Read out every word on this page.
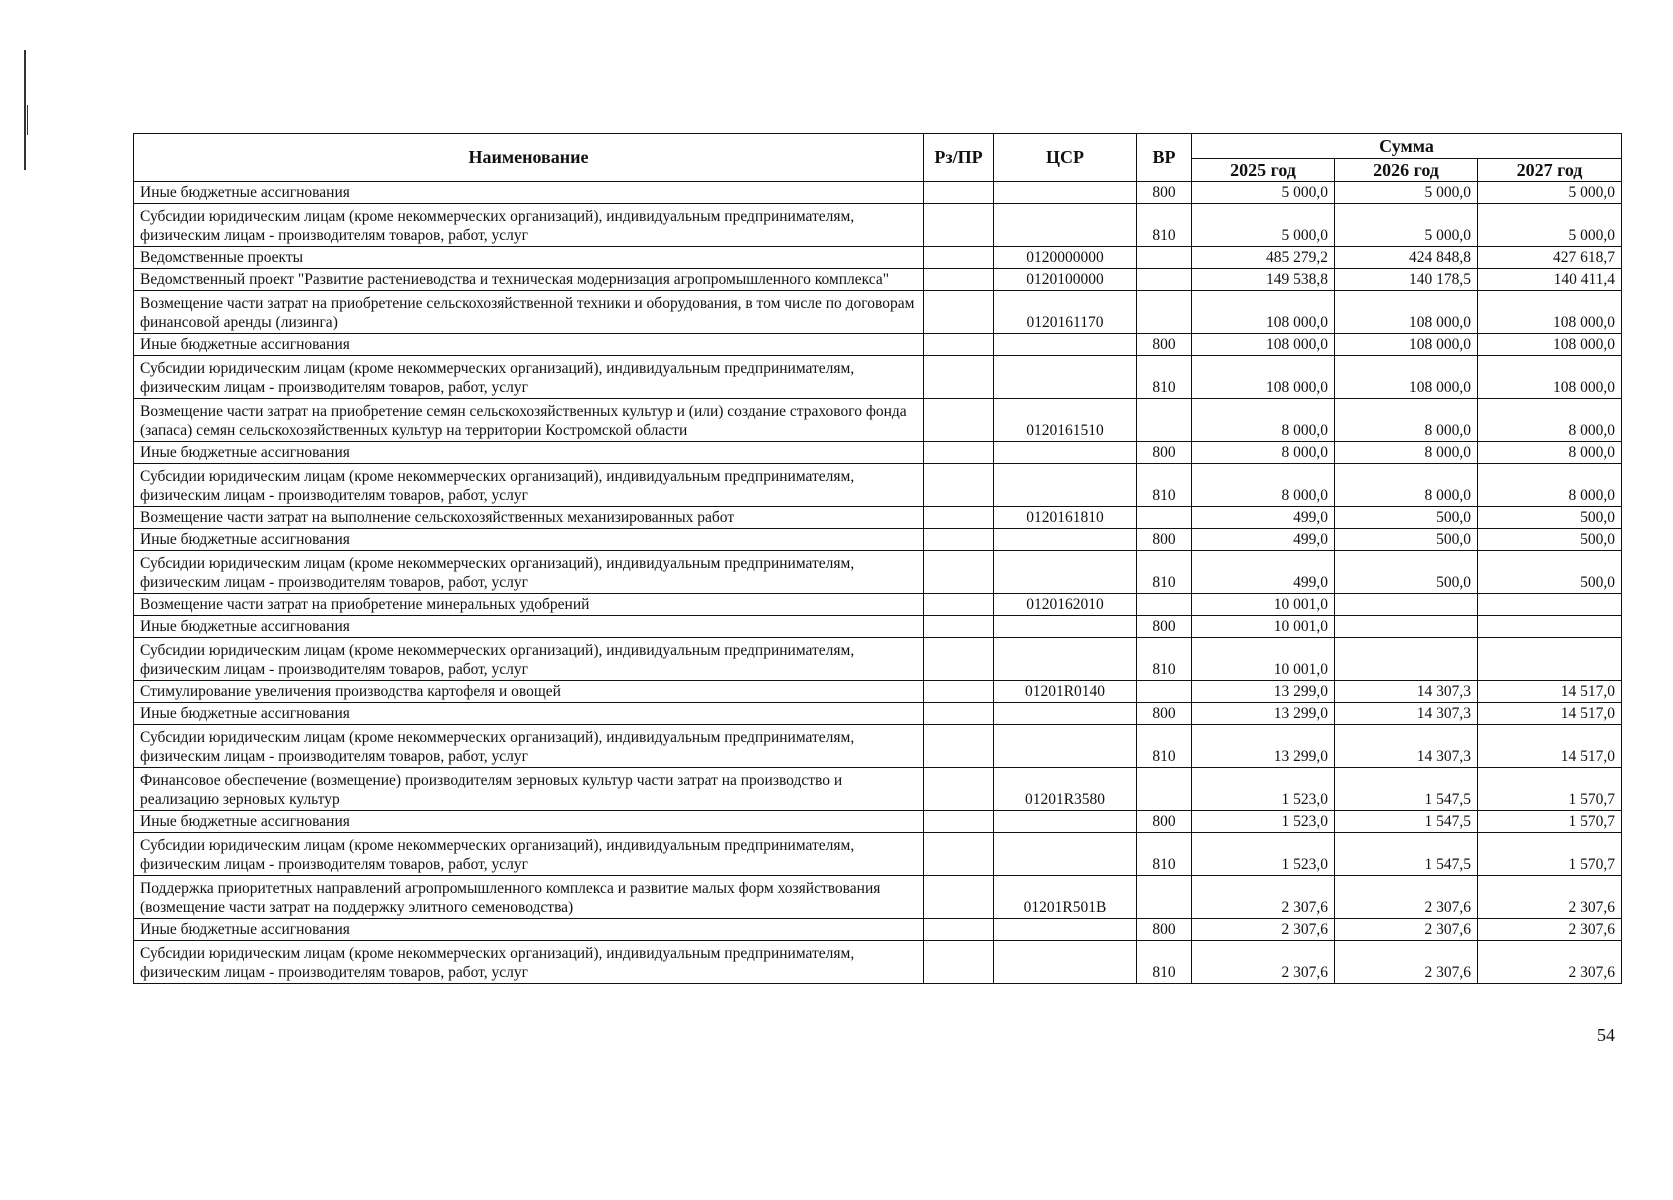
Наименование	Рз/ПР	ЦСР	ВР	Сумма		
				2025 год	2026 год	2027 год
Иные бюджетные ассигнования			800	5 000,0	5 000,0	5 000,0
Субсидии юридическим лицам (кроме некоммерческих организаций), индивидуальным предпринимателям, физическим лицам - производителям товаров, работ, услуг			810	5 000,0	5 000,0	5 000,0
Ведомственные проекты		0120000000		485 279,2	424 848,8	427 618,7
Ведомственный проект "Развитие растениеводства и техническая модернизация агропромышленного комплекса"		0120100000		149 538,8	140 178,5	140 411,4
Возмещение части затрат на приобретение сельскохозяйственной техники и оборудования, в том числе по договорам финансовой аренды (лизинга)		0120161170		108 000,0	108 000,0	108 000,0
Иные бюджетные ассигнования			800	108 000,0	108 000,0	108 000,0
Субсидии юридическим лицам (кроме некоммерческих организаций), индивидуальным предпринимателям, физическим лицам - производителям товаров, работ, услуг			810	108 000,0	108 000,0	108 000,0
Возмещение части затрат на приобретение семян сельскохозяйственных культур и (или) создание страхового фонда (запаса) семян сельскохозяйственных культур на территории Костромской области		0120161510		8 000,0	8 000,0	8 000,0
Иные бюджетные ассигнования			800	8 000,0	8 000,0	8 000,0
Субсидии юридическим лицам (кроме некоммерческих организаций), индивидуальным предпринимателям, физическим лицам - производителям товаров, работ, услуг			810	8 000,0	8 000,0	8 000,0
Возмещение части затрат на выполнение сельскохозяйственных механизированных работ		0120161810		499,0	500,0	500,0
Иные бюджетные ассигнования			800	499,0	500,0	500,0
Субсидии юридическим лицам (кроме некоммерческих организаций), индивидуальным предпринимателям, физическим лицам - производителям товаров, работ, услуг			810	499,0	500,0	500,0
Возмещение части затрат на приобретение минеральных удобрений		0120162010		10 001,0		
Иные бюджетные ассигнования			800	10 001,0		
Субсидии юридическим лицам (кроме некоммерческих организаций), индивидуальным предпринимателям, физическим лицам - производителям товаров, работ, услуг			810	10 001,0		
Стимулирование увеличения производства картофеля и овощей		01201R0140		13 299,0	14 307,3	14 517,0
Иные бюджетные ассигнования			800	13 299,0	14 307,3	14 517,0
Субсидии юридическим лицам (кроме некоммерческих организаций), индивидуальным предпринимателям, физическим лицам - производителям товаров, работ, услуг			810	13 299,0	14 307,3	14 517,0
Финансовое обеспечение (возмещение) производителям зерновых культур части затрат на производство и реализацию зерновых культур		01201R3580		1 523,0	1 547,5	1 570,7
Иные бюджетные ассигнования			800	1 523,0	1 547,5	1 570,7
Субсидии юридическим лицам (кроме некоммерческих организаций), индивидуальным предпринимателям, физическим лицам - производителям товаров, работ, услуг			810	1 523,0	1 547,5	1 570,7
Поддержка приоритетных направлений агропромышленного комплекса и развитие малых форм хозяйствования (возмещение части затрат на поддержку элитного семеноводства)		01201R501B		2 307,6	2 307,6	2 307,6
Иные бюджетные ассигнования			800	2 307,6	2 307,6	2 307,6
Субсидии юридическим лицам (кроме некоммерческих организаций), индивидуальным предпринимателям, физическим лицам - производителям товаров, работ, услуг			810	2 307,6	2 307,6	2 307,6
54
